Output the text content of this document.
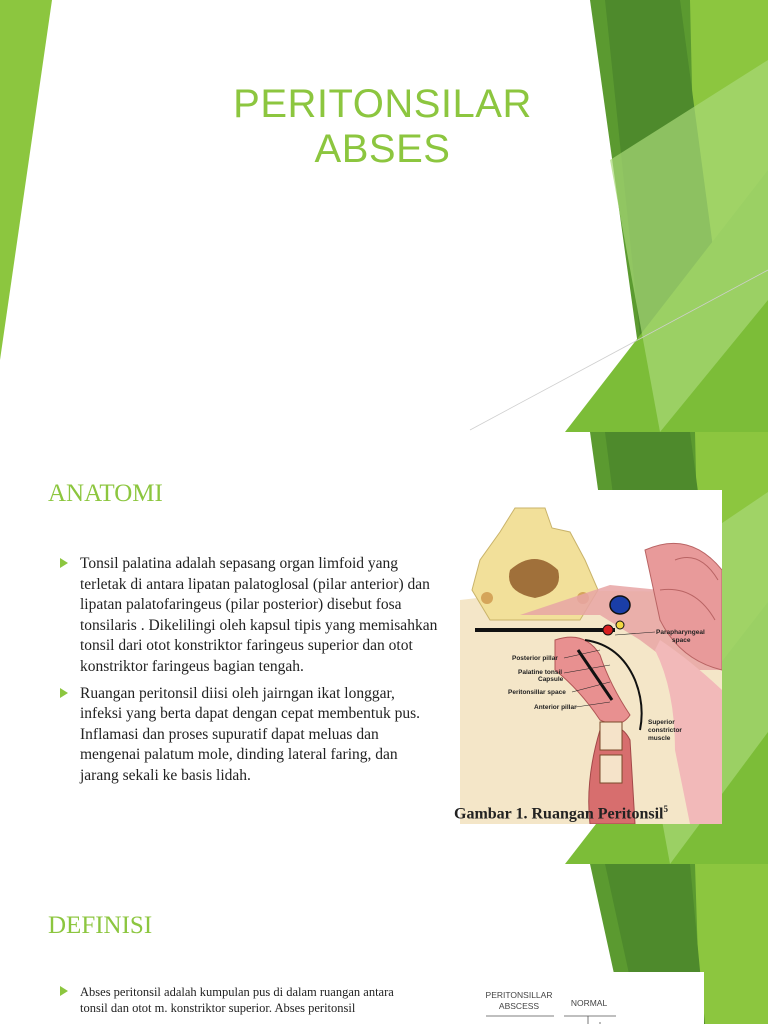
PERITONSILAR ABSES
ANATOMI
Tonsil palatina adalah sepasang organ limfoid yang terletak di antara lipatan palatoglosal (pilar anterior) dan lipatan palatofaringeus (pilar posterior) disebut fosa tonsilaris . Dikelilingi oleh kapsul tipis yang memisahkan tonsil dari otot konstriktor faringeus superior dan otot konstriktor faringeus bagian tengah.
Ruangan peritonsil diisi oleh jairngan ikat longgar, infeksi yang berta dapat dengan cepat membentuk pus. Inflamasi dan proses supuratif dapat meluas dan mengenai palatum mole, dinding lateral faring, dan jarang sekali ke basis lidah.
Parapharyngeal
space
Posterior pillar
Palatine tonsil
Capsule
Peritonsillar space
Anterior pillar
Superior
constrictor
muscle
Gambar 1. Ruangan Peritonsil$^5$
DEFINISI
Abses peritonsil adalah kumpulan pus di dalam ruangan antara tonsil dan otot m. konstriktor superior. Abses peritonsil
PERITONSILLAR
ABSCESS	NORMAL
